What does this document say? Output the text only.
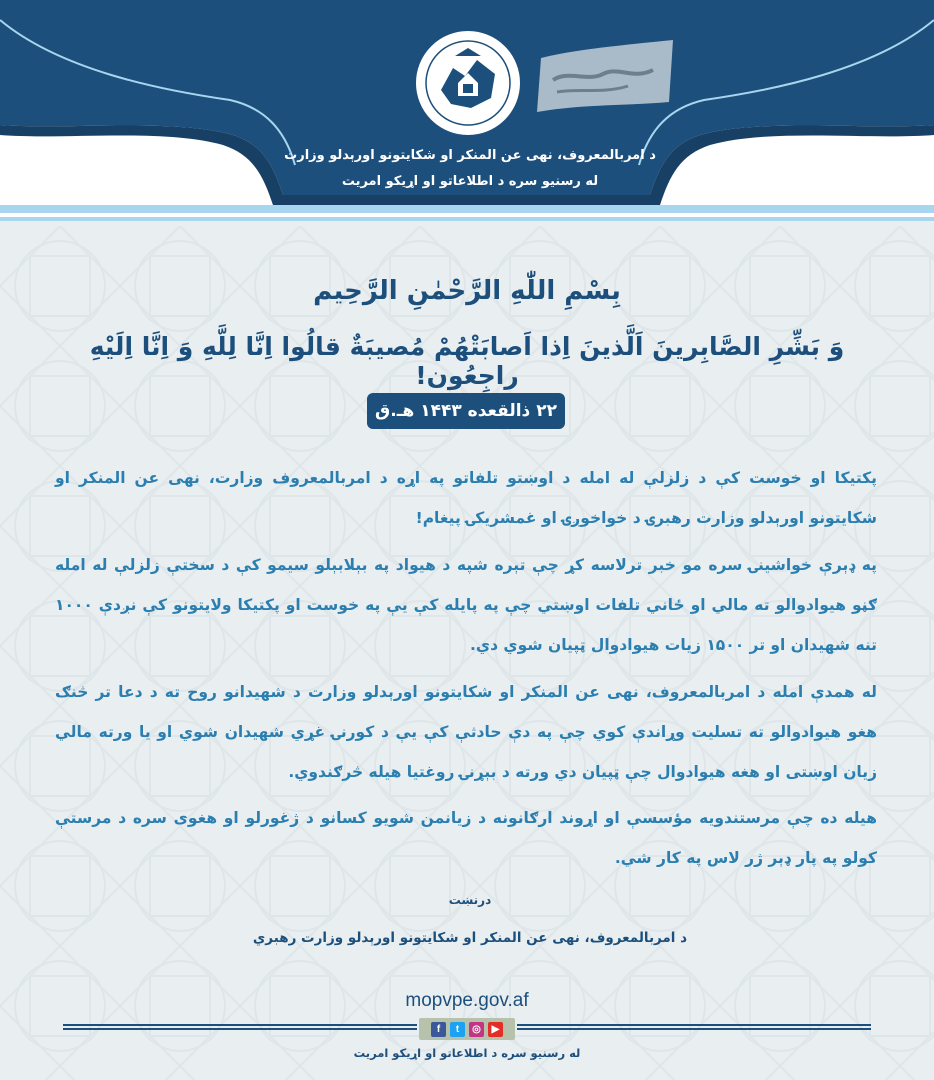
د امربالمعروف، نهی عن المنکر او شکایتونو اورېدلو وزارت
له رسنیو سره د اطلاعاتو او اړیکو امریت
بِسْمِ اللّٰهِ الرَّحْمٰنِ الرَّحِيم
وَ بَشِّرِ الصَّابِرينَ اَلَّذينَ اِذا اَصابَتْهُمْ مُصيبَةٌ قالُوا اِنَّا لِلَّهِ وَ اِنَّا اِلَيْهِ راجِعُون!
۲۲ ذالقعده ۱۴۴۳ هـ.ق
پکتیکا او خوست کې د زلزلې له امله د اوښتو تلفاتو په اړه د امربالمعروف وزارت، نهی عن المنکر او شکایتونو اورېدلو وزارت رهبرۍ د خواخوږۍ او غمشریکۍ پیغام!
په ډېرې خواشینۍ سره مو خبر ترلاسه کړ چې تېره شپه د هیواد په بېلابېلو سیمو کې د سختې زلزلې له امله ګڼو هیوادوالو ته مالي او ځاني تلفات اوښتي چې په پایله کې یې په خوست او پکتیکا ولایتونو کې نږدې ۱۰۰۰ تنه شهیدان او تر ۱۵۰۰ زیات هیوادوال ټپیان شوي دي.
له همدې امله د امربالمعروف، نهی عن المنکر او شکایتونو اورېدلو وزارت د شهیدانو روح ته د دعا تر څنګ هغو هیوادوالو ته تسلیت وړاندې کوي چې په دې حادثې کې یې د کورنۍ غړي شهیدان شوي او یا ورته مالي زیان اوښتی او هغه هیوادوال چې ټپیان دي ورته د بېړنۍ روغتیا هیله څرګندوي.
هیله ده چې مرستندویه مؤسسې او اړوند ارګانونه د زیانمن شویو کسانو د ژغورلو او هغوی سره د مرستې کولو په پار ډېر ژر لاس په کار شي.
درنښت
د امربالمعروف، نهی عن المنکر او شکایتونو اورېدلو وزارت رهبري
mopvpe.gov.af
f	t	◎	▶
له رسنیو سره د اطلاعاتو او اړیکو امریت
